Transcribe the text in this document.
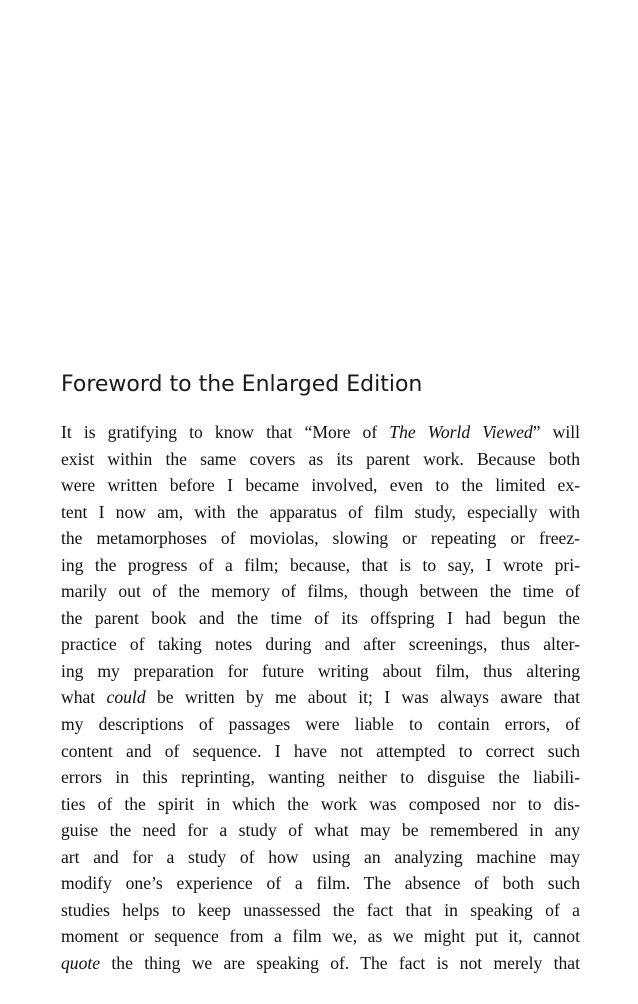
Foreword to the Enlarged Edition
It is gratifying to know that “More of The World Viewed” will
exist within the same covers as its parent work. Because both
were written before I became involved, even to the limited ex-
tent I now am, with the apparatus of film study, especially with
the metamorphoses of moviolas, slowing or repeating or freez-
ing the progress of a film; because, that is to say, I wrote pri-
marily out of the memory of films, though between the time of
the parent book and the time of its offspring I had begun the
practice of taking notes during and after screenings, thus alter-
ing my preparation for future writing about film, thus altering
what could be written by me about it; I was always aware that
my descriptions of passages were liable to contain errors, of
content and of sequence. I have not attempted to correct such
errors in this reprinting, wanting neither to disguise the liabili-
ties of the spirit in which the work was composed nor to dis-
guise the need for a study of what may be remembered in any
art and for a study of how using an analyzing machine may
modify one’s experience of a film. The absence of both such
studies helps to keep unassessed the fact that in speaking of a
moment or sequence from a film we, as we might put it, cannot
quote the thing we are speaking of. The fact is not merely that
